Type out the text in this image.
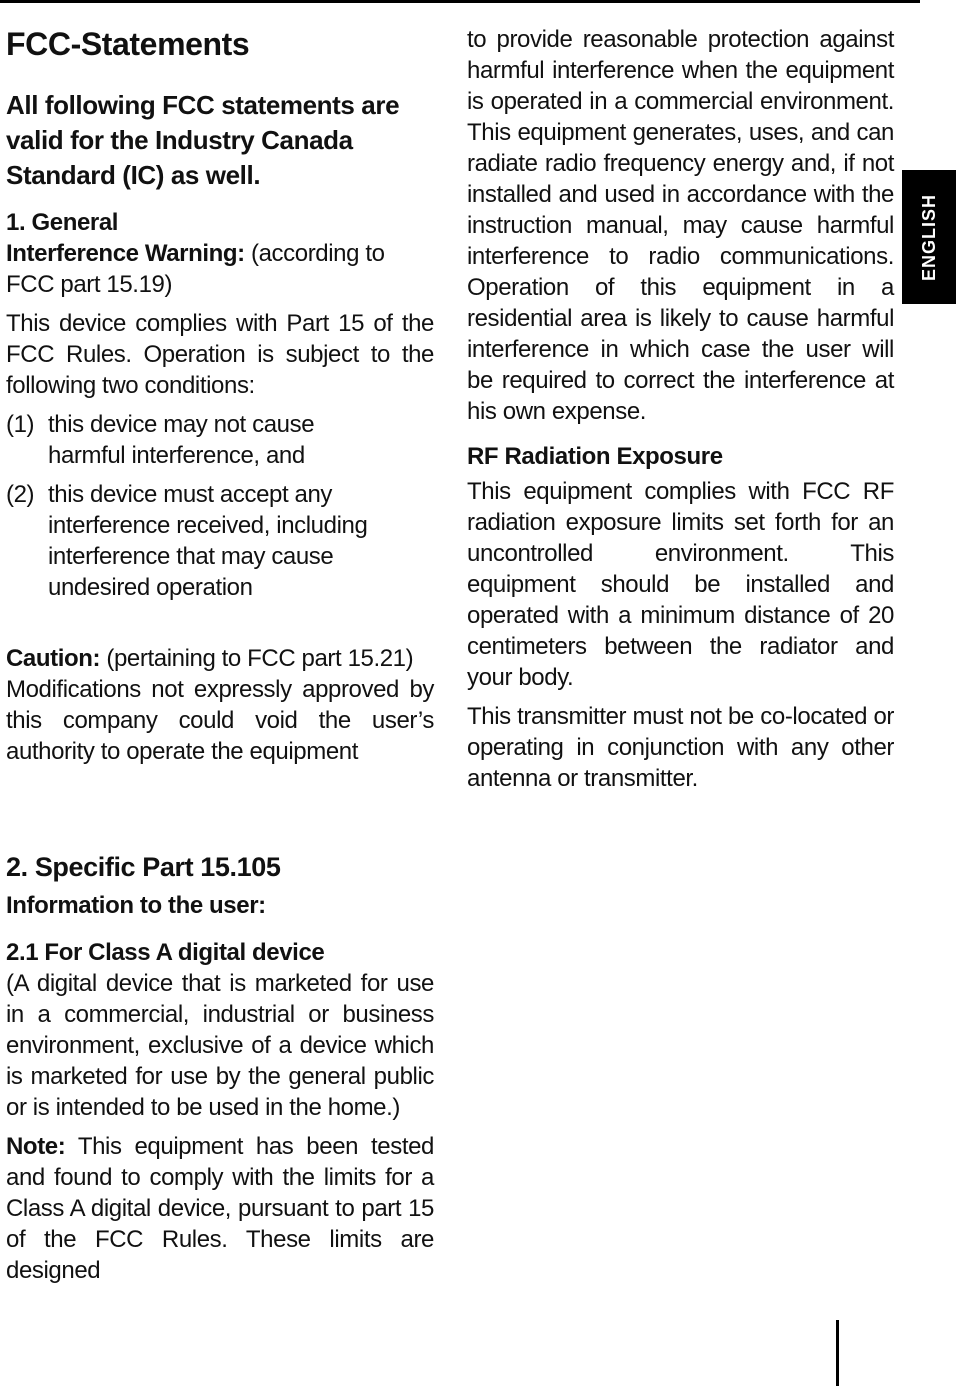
FCC-Statements

All following FCC statements are valid for the Industry Canada Standard (IC) as well.

1. General

Interference Warning: (according to FCC part 15.19)

This device complies with Part 15 of the FCC Rules. Operation is subject to the following two conditions:

(1) this device may not cause harmful interference, and
(2) this device must accept any interference received, including interference that may cause undesired operation

Caution: (pertaining to FCC part 15.21)

Modifications not expressly approved by this company could void the user’s authority to operate the equipment

2. Specific Part 15.105

Information to the user:

2.1 For Class A digital device

(A digital device that is marketed for use in a commercial, industrial or business environment, exclusive of a device which is marketed for use by the general public or is intended to be used in the home.)

Note: This equipment has been tested and found to comply with the limits for a Class A digital device, pursuant to part 15 of the FCC Rules. These limits are designed

to provide reasonable protection against harmful interference when the equipment is operated in a commercial environment. This equipment generates, uses, and can radiate radio frequency energy and, if not installed and used in accordance with the instruction manual, may cause harmful interference to radio communications. Operation of this equipment in a residential area is likely to cause harmful interference in which case the user will be required to correct the interference at his own expense.

RF Radiation Exposure

This equipment complies with FCC RF radiation exposure limits set forth for an uncontrolled environment. This equipment should be installed and operated with a minimum distance of 20 centimeters between the radiator and your body.

This transmitter must not be co-located or operating in conjunction with any other antenna or transmitter.

ENGLISH
